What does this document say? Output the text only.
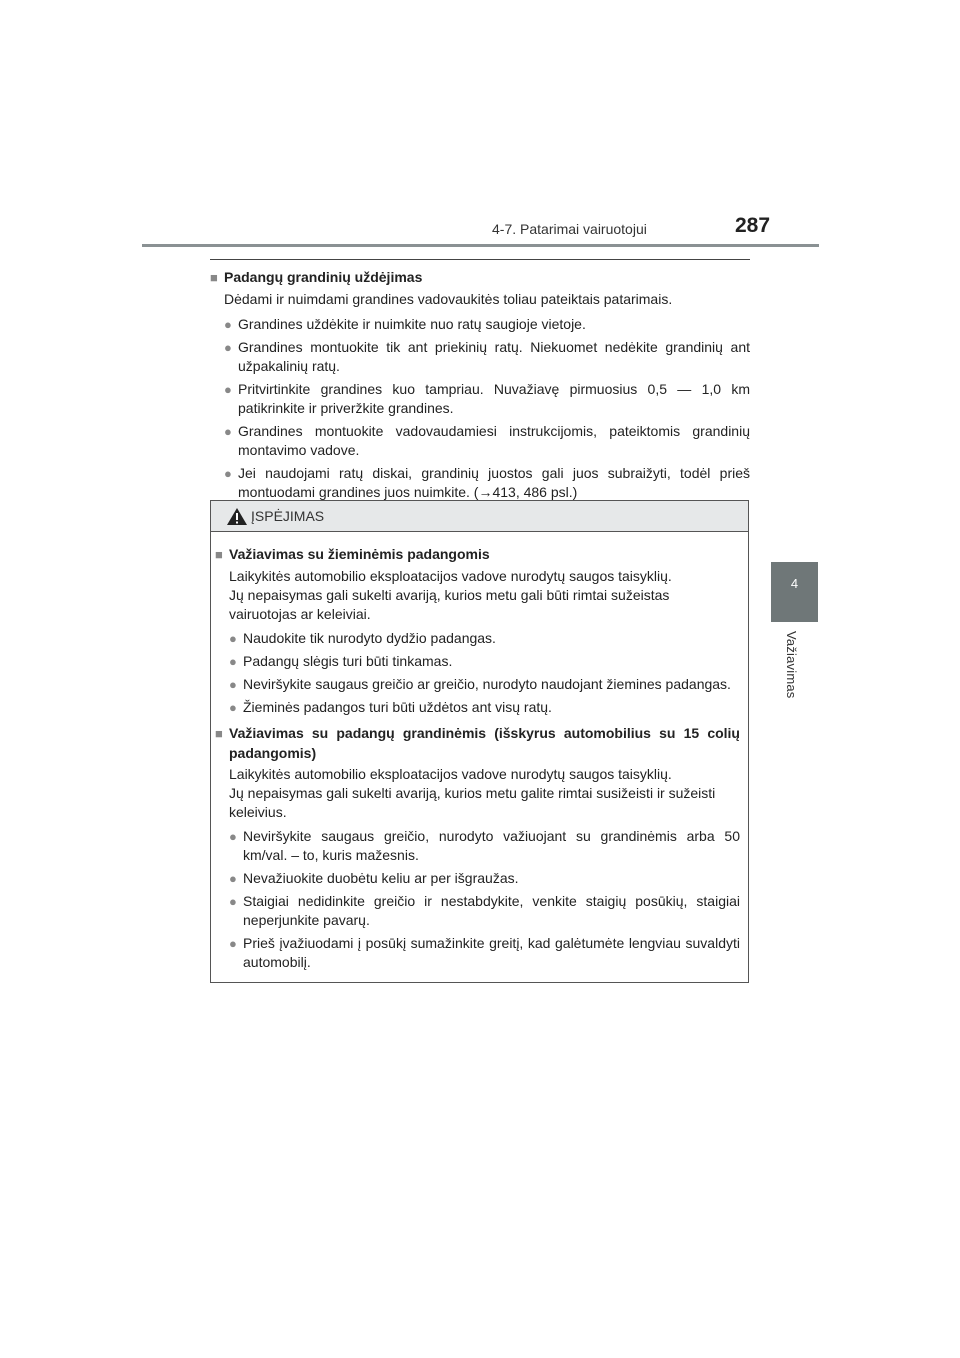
4-7. Patarimai vairuotojui	287
4
Važiavimas
■ Padangų grandinių uždėjimas
Dėdami ir nuimdami grandines vadovaukitės toliau pateiktais patarimais.
● Grandines uždėkite ir nuimkite nuo ratų saugioje vietoje.
● Grandines montuokite tik ant priekinių ratų. Niekuomet nedėkite grandinių ant užpakalinių ratų.
● Pritvirtinkite grandines kuo tampriau. Nuvažiavę pirmuosius 0,5 — 1,0 km patikrinkite ir priveržkite grandines.
● Grandines montuokite vadovaudamiesi instrukcijomis, pateiktomis grandinių montavimo vadove.
● Jei naudojami ratų diskai, grandinių juostos gali juos subraižyti, todėl prieš montuodami grandines juos nuimkite. (→413, 486 psl.)
ĮSPĖJIMAS
■ Važiavimas su žieminėmis padangomis
Laikykitės automobilio eksploatacijos vadove nurodytų saugos taisyklių.
Jų nepaisymas gali sukelti avariją, kurios metu gali būti rimtai sužeistas vairuotojas ar keleiviai.
● Naudokite tik nurodyto dydžio padangas.
● Padangų slėgis turi būti tinkamas.
● Neviršykite saugaus greičio ar greičio, nurodyto naudojant žiemines padangas.
● Žieminės padangos turi būti uždėtos ant visų ratų.
■ Važiavimas su padangų grandinėmis (išskyrus automobilius su 15 colių padangomis)
Laikykitės automobilio eksploatacijos vadove nurodytų saugos taisyklių.
Jų nepaisymas gali sukelti avariją, kurios metu galite rimtai susižeisti ir sužeisti keleivius.
● Neviršykite saugaus greičio, nurodyto važiuojant su grandinėmis arba 50 km/val. – to, kuris mažesnis.
● Nevažiuokite duobėtu keliu ar per išgraužas.
● Staigiai nedidinkite greičio ir nestabdykite, venkite staigių posūkių, staigiai neperjunkite pavarų.
● Prieš įvažiuodami į posūkį sumažinkite greitį, kad galėtumėte lengviau suvaldyti automobilį.
